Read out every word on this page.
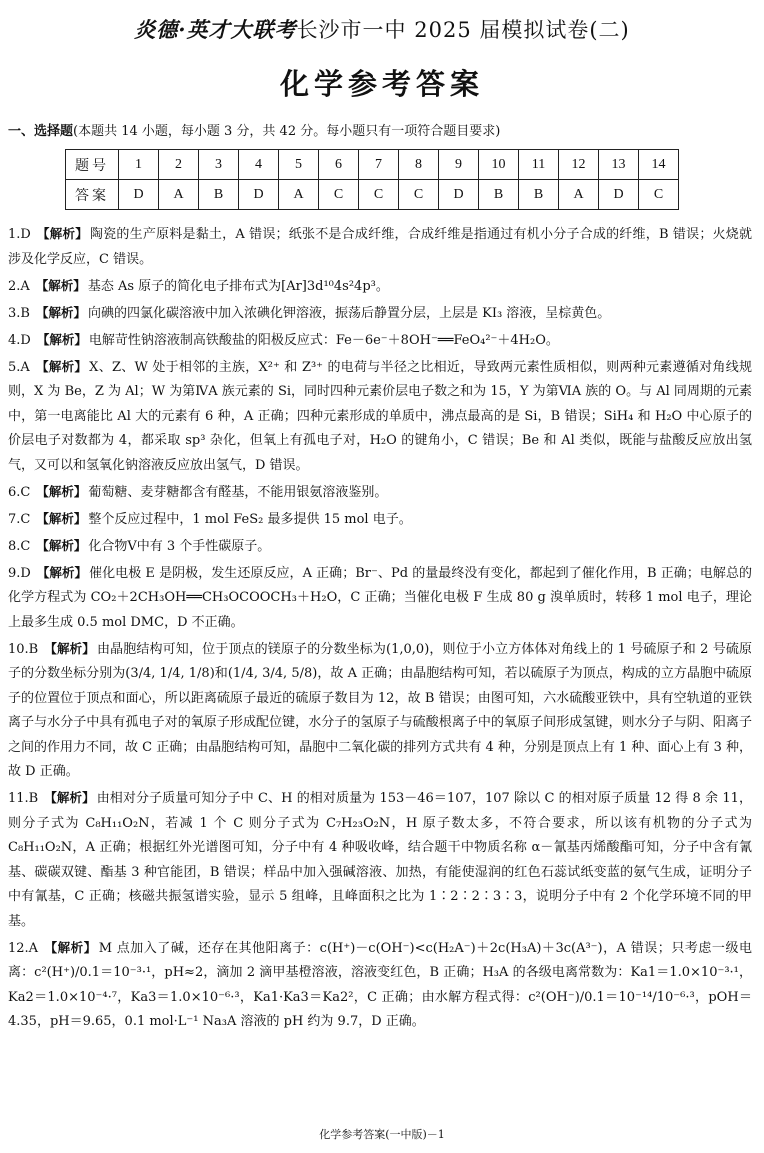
炎德·英才大联考长沙市一中 2025 届模拟试卷(二)
化学参考答案
一、选择题(本题共 14 小题，每小题 3 分，共 42 分。每小题只有一项符合题目要求)
题号	1	2	3	4	5	6	7	8	9	10	11	12	13	14
答案	D	A	B	D	A	C	C	C	D	B	B	A	D	C
1.D 【解析】 陶瓷的生产原料是黏土，A 错误；纸张不是合成纤维，合成纤维是指通过有机小分子合成的纤维，B 错误；火烧就涉及化学反应，C 错误。
2.A 【解析】 基态 As 原子的简化电子排布式为[Ar]3d¹⁰4s²4p³。
3.B 【解析】 向碘的四氯化碳溶液中加入浓碘化钾溶液，振荡后静置分层，上层是 KI₃ 溶液，呈棕黄色。
4.D 【解析】 电解苛性钠溶液制高铁酸盐的阳极反应式：Fe－6e⁻＋8OH⁻══FeO₄²⁻＋4H₂O。
5.A 【解析】 X、Z、W 处于相邻的主族，X²⁺ 和 Z³⁺ 的电荷与半径之比相近，导致两元素性质相似，则两种元素遵循对角线规则，X 为 Be，Z 为 Al；W 为第ⅣA 族元素的 Si，同时四种元素价层电子数之和为 15，Y 为第ⅥA 族的 O。与 Al 同周期的元素中，第一电离能比 Al 大的元素有 6 种，A 正确；四种元素形成的单质中，沸点最高的是 Si，B 错误；SiH₄ 和 H₂O 中心原子的价层电子对数都为 4，都采取 sp³ 杂化，但氧上有孤电子对，H₂O 的键角小，C 错误；Be 和 Al 类似，既能与盐酸反应放出氢气，又可以和氢氧化钠溶液反应放出氢气，D 错误。
6.C 【解析】 葡萄糖、麦芽糖都含有醛基，不能用银氨溶液鉴别。
7.C 【解析】 整个反应过程中，1 mol FeS₂ 最多提供 15 mol 电子。
8.C 【解析】 化合物Ⅴ中有 3 个手性碳原子。
9.D 【解析】 催化电极 E 是阴极，发生还原反应，A 正确；Br⁻、Pd 的量最终没有变化，都起到了催化作用，B 正确；电解总的化学方程式为 CO₂＋2CH₃OH══CH₃OCOOCH₃＋H₂O，C 正确；当催化电极 F 生成 80 g 溴单质时，转移 1 mol 电子，理论上最多生成 0.5 mol DMC，D 不正确。
10.B 【解析】 由晶胞结构可知，位于顶点的镁原子的分数坐标为(1,0,0)，则位于小立方体体对角线上的 1 号硫原子和 2 号硫原子的分数坐标分别为(3/4, 1/4, 1/8)和(1/4, 3/4, 5/8)，故 A 正确；由晶胞结构可知，若以硫原子为顶点，构成的立方晶胞中硫原子的位置位于顶点和面心，所以距离硫原子最近的硫原子数目为 12，故 B 错误；由图可知，六水硫酸亚铁中，具有空轨道的亚铁离子与水分子中具有孤电子对的氧原子形成配位键，水分子的氢原子与硫酸根离子中的氧原子间形成氢键，则水分子与阴、阳离子之间的作用力不同，故 C 正确；由晶胞结构可知，晶胞中二氧化碳的排列方式共有 4 种，分别是顶点上有 1 种、面心上有 3 种，故 D 正确。
11.B 【解析】 由相对分子质量可知分子中 C、H 的相对质量为 153－46＝107，107 除以 C 的相对原子质量 12 得 8 余 11，则分子式为 C₈H₁₁O₂N，若减 1 个 C 则分子式为 C₇H₂₃O₂N，H 原子数太多，不符合要求，所以该有机物的分子式为 C₈H₁₁O₂N，A 正确；根据红外光谱图可知，分子中有 4 种吸收峰，结合题干中物质名称 α－氰基丙烯酸酯可知，分子中含有氰基、碳碳双键、酯基 3 种官能团，B 错误；样品中加入强碱溶液、加热，有能使湿润的红色石蕊试纸变蓝的氨气生成，证明分子中有氰基，C 正确；核磁共振氢谱实验，显示 5 组峰，且峰面积之比为 1∶2∶2∶3∶3，说明分子中有 2 个化学环境不同的甲基。
12.A 【解析】 M 点加入了碱，还存在其他阳离子：c(H⁺)－c(OH⁻)<c(H₂A⁻)＋2c(H₃A)＋3c(A³⁻)，A 错误；只考虑一级电离：c²(H⁺)/0.1＝10⁻³·¹，pH≈2，滴加 2 滴甲基橙溶液，溶液变红色，B 正确；H₃A 的各级电离常数为：Ka1＝1.0×10⁻³·¹，Ka2＝1.0×10⁻⁴·⁷，Ka3＝1.0×10⁻⁶·³，Ka1·Ka3＝Ka2²，C 正确；由水解方程式得：c²(OH⁻)/0.1＝10⁻¹⁴/10⁻⁶·³，pOH＝4.35，pH＝9.65，0.1 mol·L⁻¹ Na₃A 溶液的 pH 约为 9.7，D 正确。
化学参考答案(一中版)－1
